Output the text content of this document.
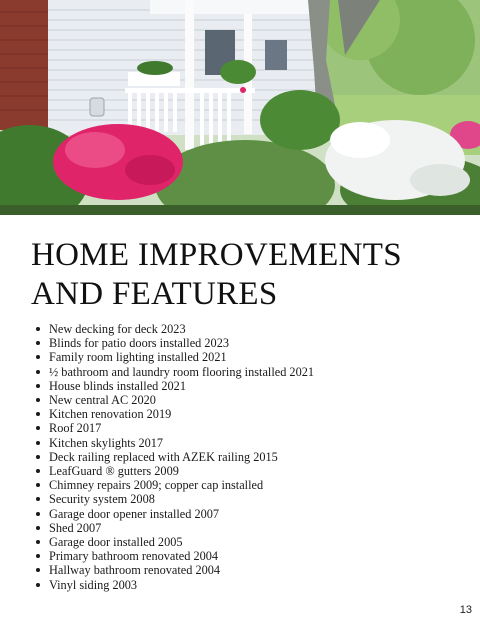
HOME IMPROVEMENTS
AND FEATURES
New decking for deck 2023
Blinds for patio doors installed 2023
Family room lighting installed 2021
½ bathroom and laundry room flooring installed 2021
House blinds installed 2021
New central AC 2020
Kitchen renovation 2019
Roof 2017
Kitchen skylights 2017
Deck railing replaced with AZEK railing 2015
LeafGuard ® gutters 2009
Chimney repairs 2009; copper cap installed
Security system 2008
Garage door opener installed 2007
Shed 2007
Garage door installed 2005
Primary bathroom renovated 2004
Hallway bathroom renovated 2004
Vinyl siding 2003
13
